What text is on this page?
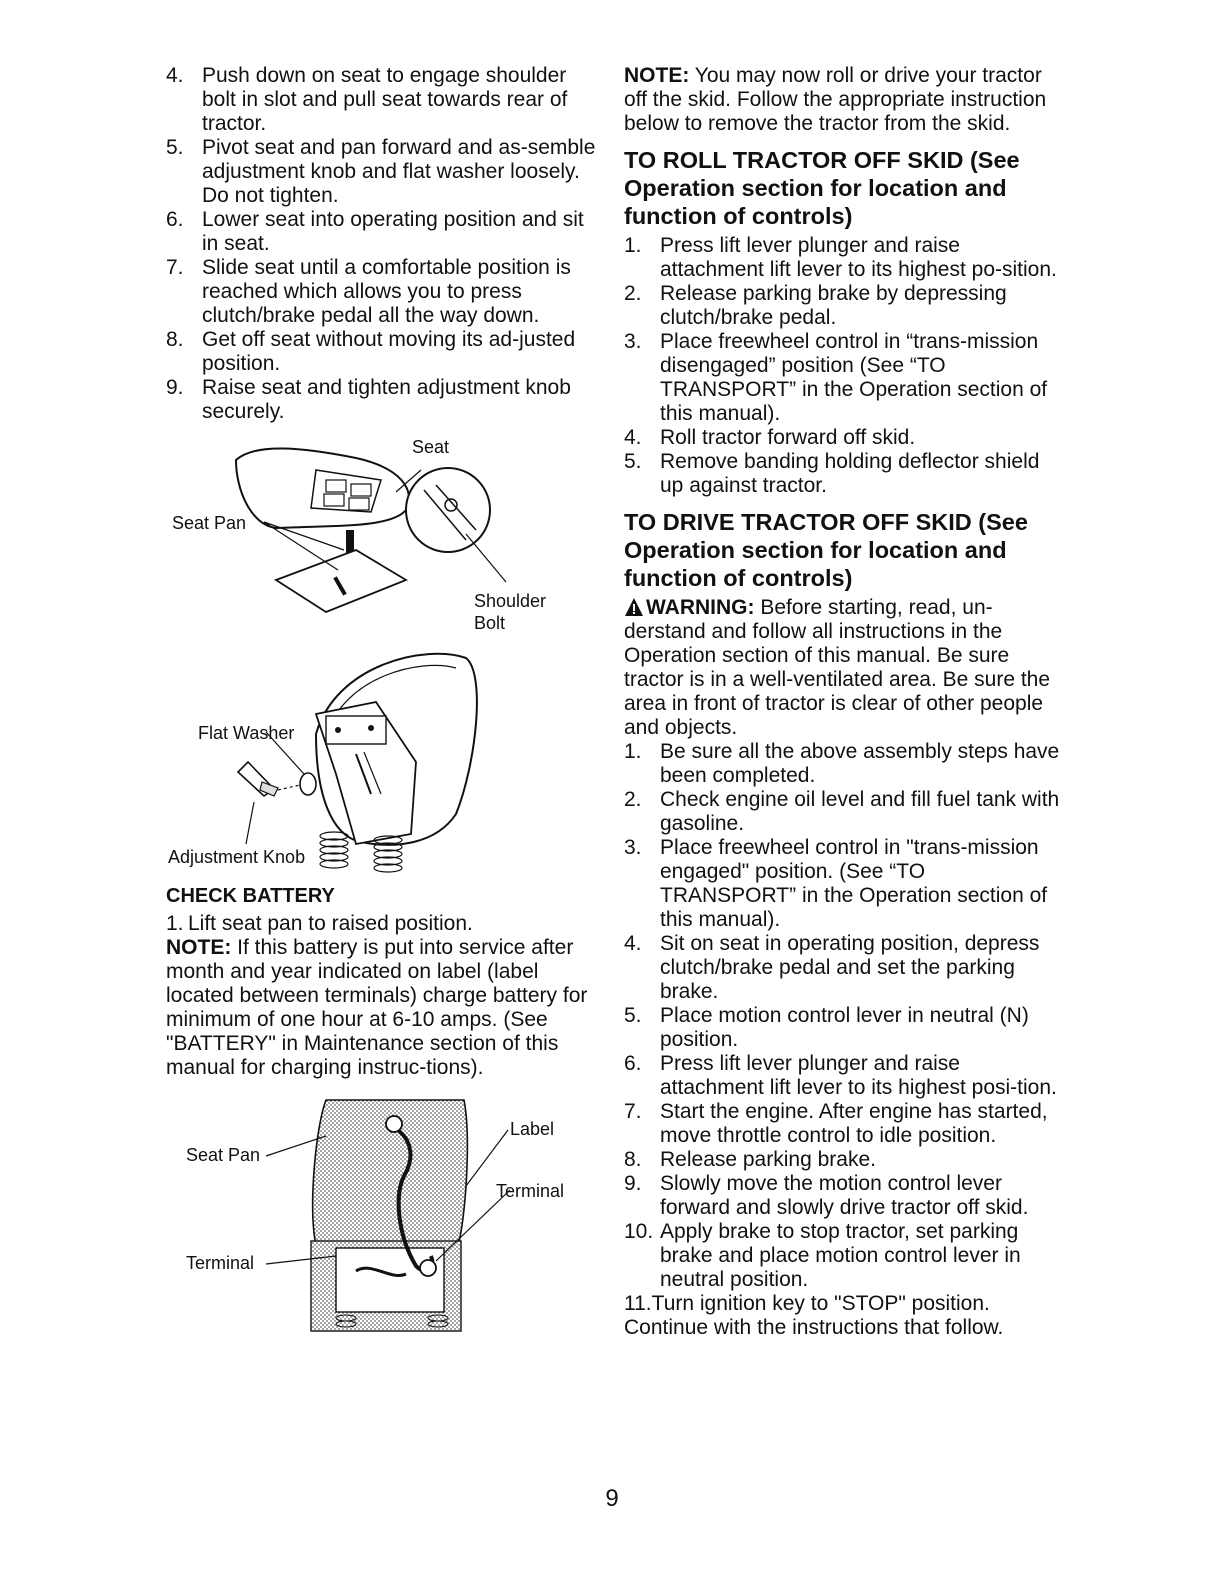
4. Push down on seat to engage shoulder bolt in slot and pull seat towards rear of tractor.
5. Pivot seat and pan forward and as-semble adjustment knob and flat washer loosely. Do not tighten.
6. Lower seat into operating position and sit in seat.
7. Slide seat until a comfortable position is reached which allows you to press clutch/brake pedal all the way down.
8. Get off seat without moving its ad-justed position.
9. Raise seat and tighten adjustment knob securely.
Seat
Seat Pan
Shoulder
Bolt
Flat Washer
Adjustment Knob
CHECK BATTERY
1. Lift seat pan to raised position.

NOTE: If this battery is put into service after month and year indicated on label (label located between terminals) charge battery for minimum of one hour at 6-10 amps. (See "BATTERY" in Maintenance section of this manual for charging instruc-tions).

Seat Pan
Label
Terminal
Terminal

NOTE: You may now roll or drive your tractor off the skid. Follow the appropriate instruction below to remove the tractor from the skid.

TO ROLL TRACTOR OFF SKID (See Operation section for location and function of controls)
1. Press lift lever plunger and raise attachment lift lever to its highest po-sition.
2. Release parking brake by depressing clutch/brake pedal.
3. Place freewheel control in “trans-mission disengaged” position (See “TO TRANSPORT” in the Operation section of this manual).
4. Roll tractor forward off skid.
5. Remove banding holding deflector shield up against tractor.
TO DRIVE TRACTOR OFF SKID (See Operation section for location and function of controls)

WARNING: Before starting, read, un-derstand and follow all instructions in the Operation section of this manual. Be sure tractor is in a well-ventilated area. Be sure the area in front of tractor is clear of other people and objects.

1. Be sure all the above assembly steps have been completed.
2. Check engine oil level and fill fuel tank with gasoline.
3. Place freewheel control in "trans-mission engaged" position. (See “TO TRANSPORT” in the Operation section of this manual).
4. Sit on seat in operating position, depress clutch/brake pedal and set the parking brake.
5. Place motion control lever in neutral (N) position.
6. Press lift lever plunger and raise attachment lift lever to its highest posi-tion.
7. Start the engine. After engine has started, move throttle control to idle position.
8. Release parking brake.
9. Slowly move the motion control lever forward and slowly drive tractor off skid.
10. Apply brake to stop tractor, set parking brake and place motion control lever in neutral position.
11.Turn ignition key to "STOP" position.

Continue with the instructions that follow.

9
